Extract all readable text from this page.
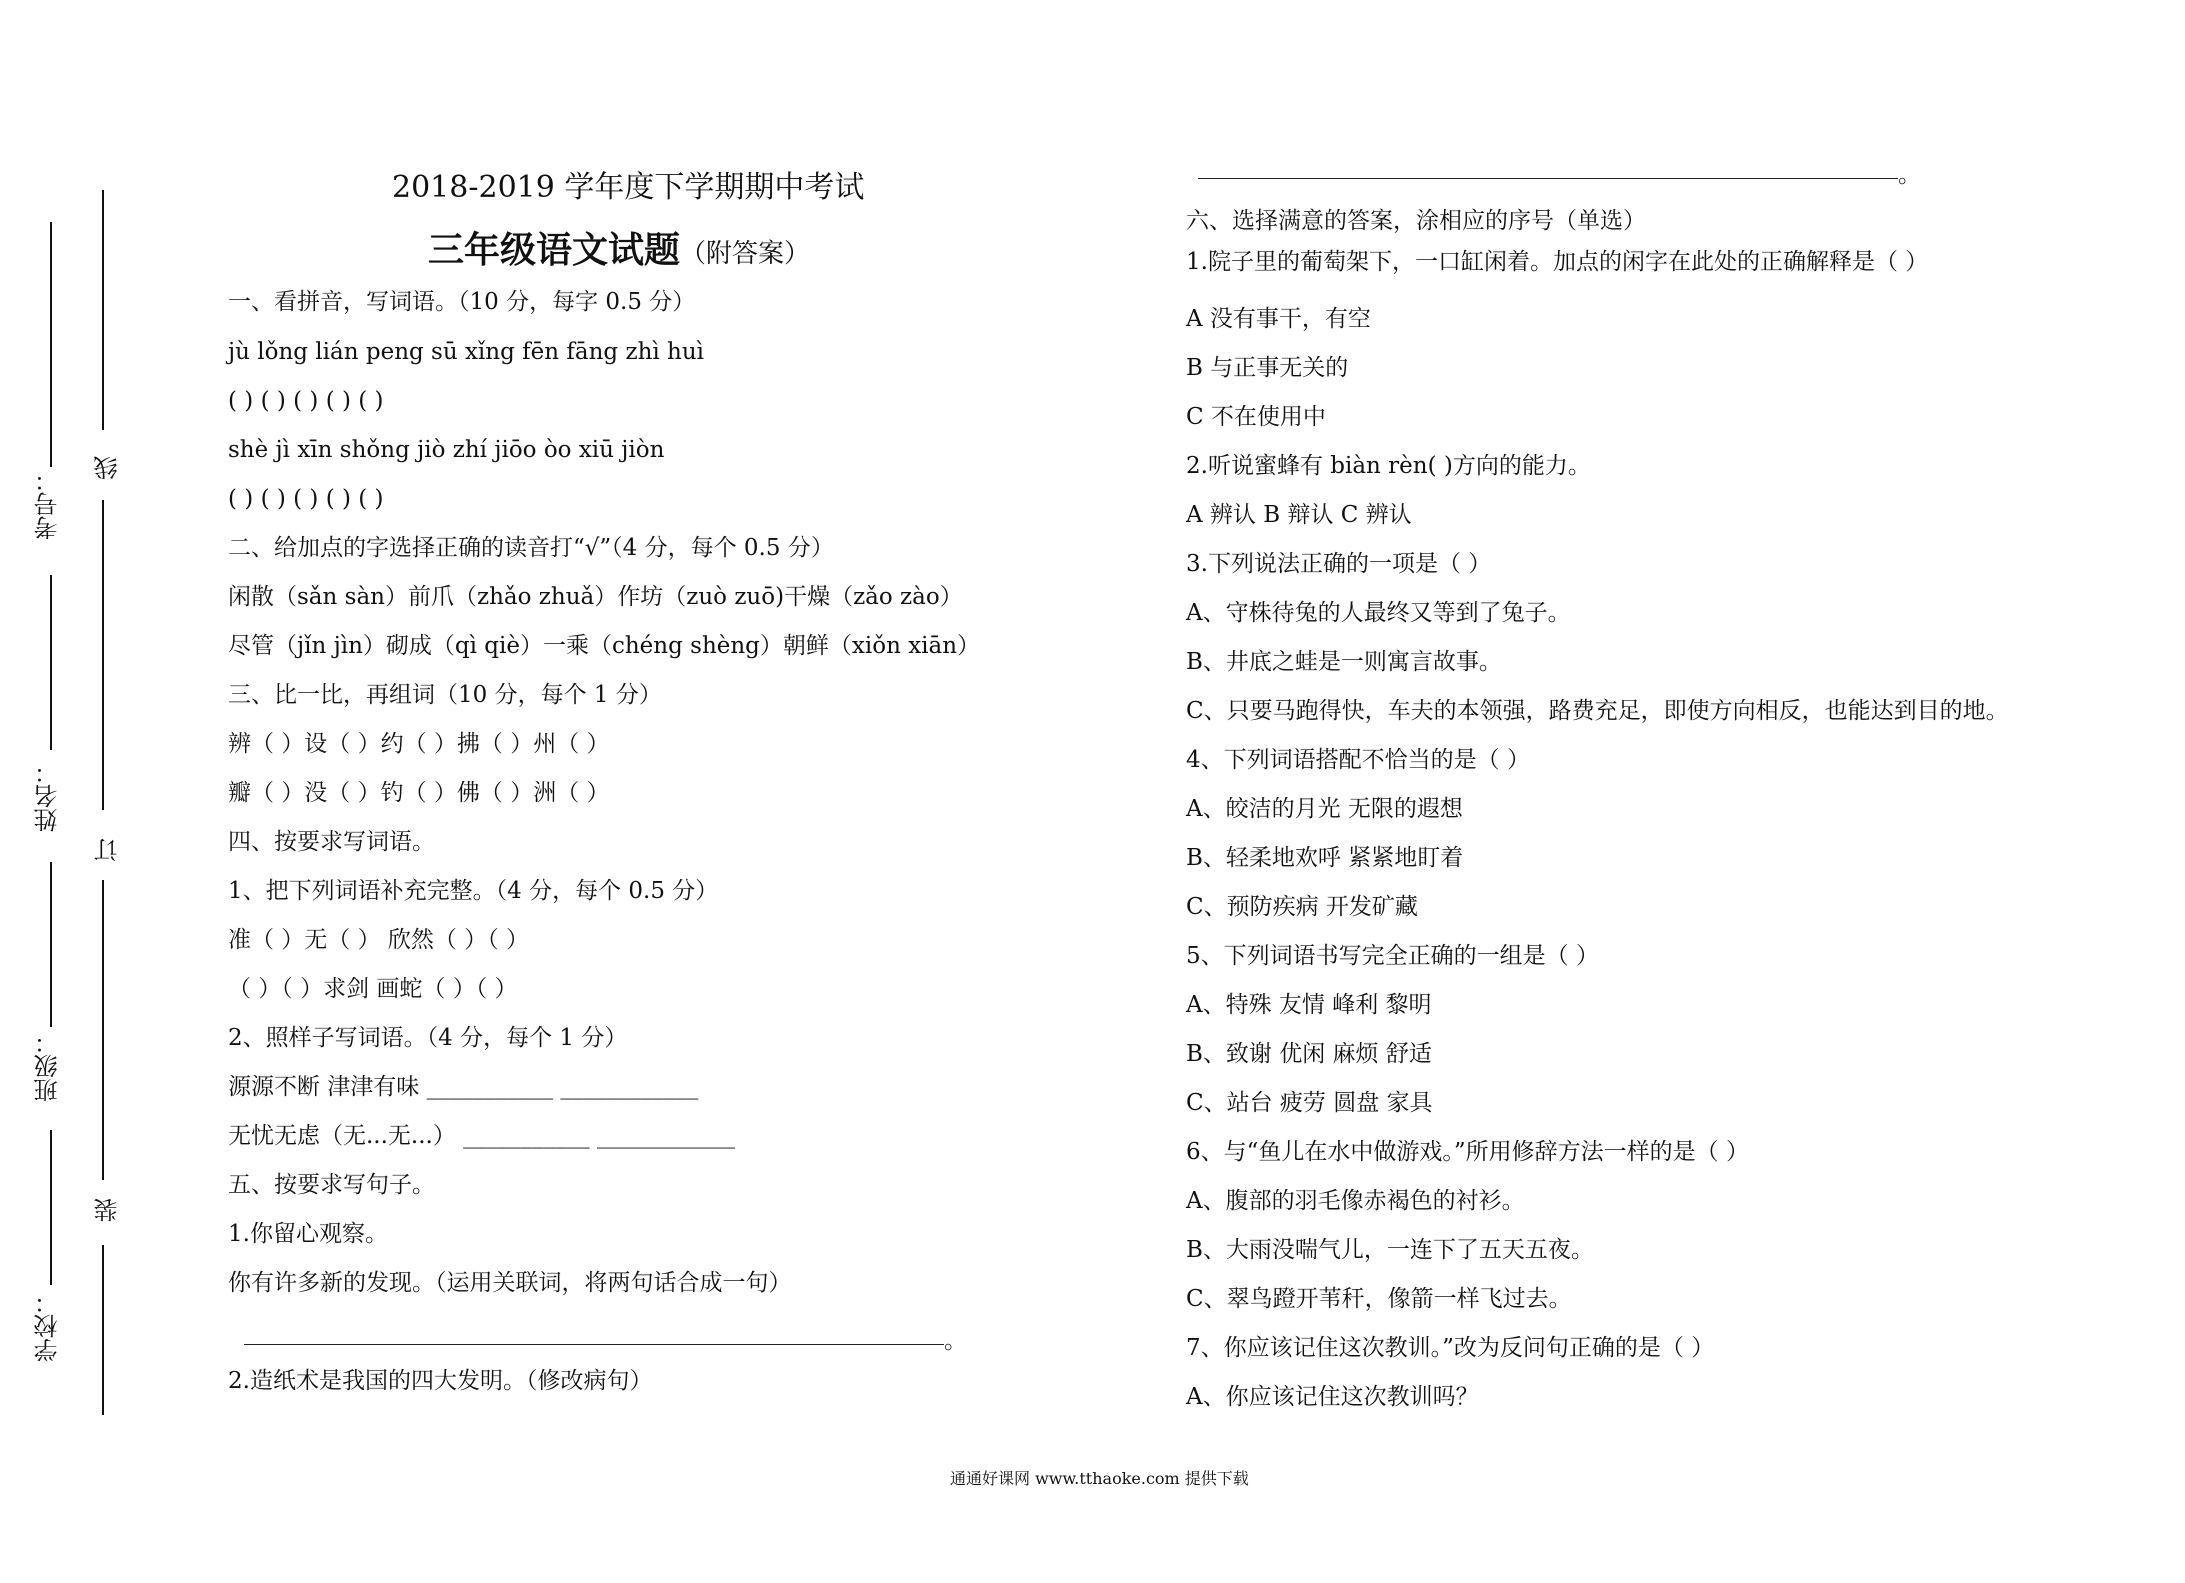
考号：
姓名：
班级：
学校：
线
订
装
2018-2019 学年度下学期期中考试
三年级语文试题（附答案）
一、看拼音，写词语。（10 分，每字 0.5 分）
jù lǒng lián peng sū xǐng fēn fāng zhì huì
( ) ( ) ( ) ( ) ( )
shè jì xīn shǒng jiò zhí jiōo òo xiū jiòn
( ) ( ) ( ) ( ) ( )
二、给加点的字选择正确的读音打“√”（4 分，每个 0.5 分）
闲散（sǎn sàn）前爪（zhǎo zhuǎ）作坊（zuò zuō)干燥（zǎo zào）
尽管（jǐn jìn）砌成（qì qiè）一乘（chéng shèng）朝鲜（xiǒn xiān）
三、比一比，再组词（10 分，每个 1 分）
辨（ ）设（ ）约（ ）拂（ ）州（ ）
瓣（ ）没（ ）钓（ ）佛（ ）洲（ ）
四、按要求写词语。
1、把下列词语补充完整。（4 分，每个 0.5 分）
准（ ）无（ ） 欣然（ ）（ ）
（ ）（ ）求剑 画蛇（ ）（ ）
2、照样子写词语。（4 分，每个 1 分）
源源不断 津津有味 ___________ ____________
无忧无虑（无...无...） ___________ ____________
五、按要求写句子。
1.你留心观察。
你有许多新的发现。（运用关联词，将两句话合成一句）
。
2.造纸术是我国的四大发明。（修改病句）
。
六、选择满意的答案，涂相应的序号（单选）
1.院子里的葡萄架下，一口缸闲着。加点的闲字在此处的正确解释是（ ）
A 没有事干，有空
B 与正事无关的
C 不在使用中
2.听说蜜蜂有 biàn rèn( )方向的能力。
A 辨认 B 辩认 C 辨认
3.下列说法正确的一项是（ ）
A、守株待兔的人最终又等到了兔子。
B、井底之蛙是一则寓言故事。
C、只要马跑得快，车夫的本领强，路费充足，即使方向相反，也能达到目的地。
4、下列词语搭配不恰当的是（ ）
A、皎洁的月光 无限的遐想
B、轻柔地欢呼 紧紧地盯着
C、预防疾病 开发矿藏
5、下列词语书写完全正确的一组是（ ）
A、特殊 友情 峰利 黎明
B、致谢 优闲 麻烦 舒适
C、站台 疲劳 圆盘 家具
6、与“鱼儿在水中做游戏。”所用修辞方法一样的是（ ）
A、腹部的羽毛像赤褐色的衬衫。
B、大雨没喘气儿，一连下了五天五夜。
C、翠鸟蹬开苇秆，像箭一样飞过去。
7、你应该记住这次教训。”改为反问句正确的是（ ）
A、你应该记住这次教训吗？
通通好课网 www.tthaoke.com 提供下载
